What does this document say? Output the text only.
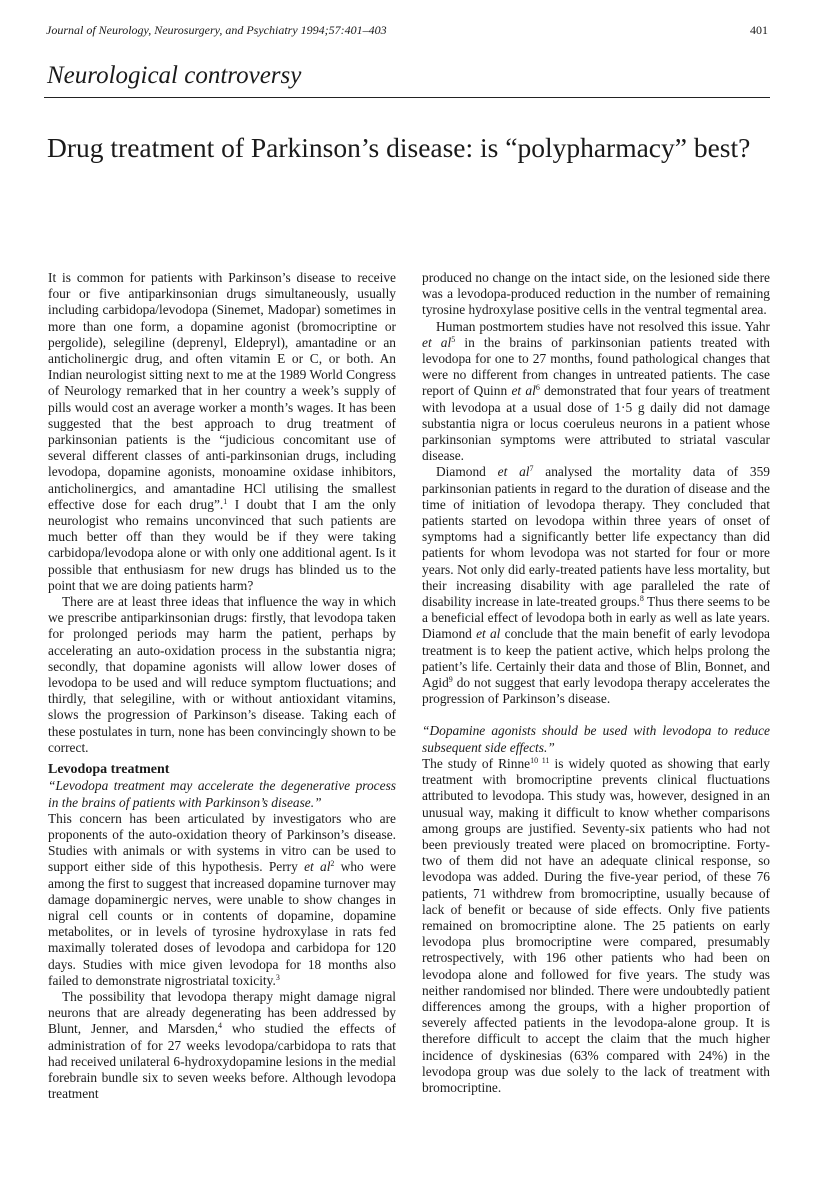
Journal of Neurology, Neurosurgery, and Psychiatry 1994;57:401–403	401
Neurological controversy
Drug treatment of Parkinson’s disease: is “polypharmacy” best?

It is common for patients with Parkinson’s disease to receive four or five antiparkinsonian drugs simultaneously, usually including carbidopa/levodopa (Sinemet, Madopar) sometimes in more than one form, a dopamine agonist (bromocriptine or pergolide), selegiline (deprenyl, Eldepryl), amantadine or an anticholinergic drug, and often vitamin E or C, or both. An Indian neurologist sitting next to me at the 1989 World Congress of Neurology remarked that in her country a week’s supply of pills would cost an average worker a month’s wages. It has been suggested that the best approach to drug treatment of parkinsonian patients is the “judicious concomitant use of several different classes of anti-parkinsonian drugs, including levodopa, dopamine agonists, monoamine oxidase inhibitors, anticholinergics, and amantadine HCl utilising the smallest effective dose for each drug”.$^1$ I doubt that I am the only neurologist who remains unconvinced that such patients are much better off than they would be if they were taking carbidopa/levodopa alone or with only one additional agent. Is it possible that enthusiasm for new drugs has blinded us to the point that we are doing patients harm?

There are at least three ideas that influence the way in which we prescribe antiparkinsonian drugs: firstly, that levodopa taken for prolonged periods may harm the patient, perhaps by accelerating an auto-oxidation process in the substantia nigra; secondly, that dopamine agonists will allow lower doses of levodopa to be used and will reduce symptom fluctuations; and thirdly, that selegiline, with or without antioxidant vitamins, slows the progression of Parkinson’s disease. Taking each of these postulates in turn, none has been convincingly shown to be correct.

Levodopa treatment

“Levodopa treatment may accelerate the degenerative process in the brains of patients with Parkinson’s disease.”

This concern has been articulated by investigators who are proponents of the auto-oxidation theory of Parkinson’s disease. Studies with animals or with systems in vitro can be used to support either side of this hypothesis. Perry et $al^2$ who were among the first to suggest that increased dopamine turnover may damage dopaminergic nerves, were unable to show changes in nigral cell counts or in contents of dopamine, dopamine metabolites, or in levels of tyrosine hydroxylase in rats fed maximally tolerated doses of levodopa and carbidopa for 120 days. Studies with mice given levodopa for 18 months also failed to demonstrate nigrostriatal toxicity.$^3$

The possibility that levodopa therapy might damage nigral neurons that are already degenerating has been addressed by Blunt, Jenner, and Marsden,$^4$ who studied the effects of administration of for 27 weeks levodopa/carbidopa to rats that had received unilateral 6-hydroxydopamine lesions in the medial forebrain bundle six to seven weeks before. Although levodopa treatment

produced no change on the intact side, on the lesioned side there was a levodopa-produced reduction in the number of remaining tyrosine hydroxylase positive cells in the ventral tegmental area.

Human postmortem studies have not resolved this issue. Yahr et $al^5$ in the brains of parkinsonian patients treated with levodopa for one to 27 months, found pathological changes that were no different from changes in untreated patients. The case report of Quinn et $al^6$ demonstrated that four years of treatment with levodopa at a usual dose of 1·5 g daily did not damage substantia nigra or locus coeruleus neurons in a patient whose parkinsonian symptoms were attributed to striatal vascular disease.

Diamond et $al^7$ analysed the mortality data of 359 parkinsonian patients in regard to the duration of disease and the time of initiation of levodopa therapy. They concluded that patients started on levodopa within three years of onset of symptoms had a significantly better life expectancy than did patients for whom levodopa was not started for four or more years. Not only did early-treated patients have less mortality, but their increasing disability with age paralleled the rate of disability increase in late-treated groups.$^8$ Thus there seems to be a beneficial effect of levodopa both in early as well as late years. Diamond et al conclude that the main benefit of early levodopa treatment is to keep the patient active, which helps prolong the patient’s life. Certainly their data and those of Blin, Bonnet, and Agid$^9$ do not suggest that early levodopa therapy accelerates the progression of Parkinson’s disease.

“Dopamine agonists should be used with levodopa to reduce subsequent side effects.”

The study of Rinne$^{10 11}$ is widely quoted as showing that early treatment with bromocriptine prevents clinical fluctuations attributed to levodopa. This study was, however, designed in an unusual way, making it difficult to know whether comparisons among groups are justified. Seventy-six patients who had not been previously treated were placed on bromocriptine. Forty-two of them did not have an adequate clinical response, so levodopa was added. During the five-year period, of these 76 patients, 71 withdrew from bromocriptine, usually because of lack of benefit or because of side effects. Only five patients remained on bromocriptine alone. The 25 patients on early levodopa plus bromocriptine were compared, presumably retrospectively, with 196 other patients who had been on levodopa alone and followed for five years. The study was neither randomised nor blinded. There were undoubtedly patient differences among the groups, with a higher proportion of severely affected patients in the levodopa-alone group. It is therefore difficult to accept the claim that the much higher incidence of dyskinesias (63% compared with 24%) in the levodopa group was due solely to the lack of treatment with bromocriptine.
